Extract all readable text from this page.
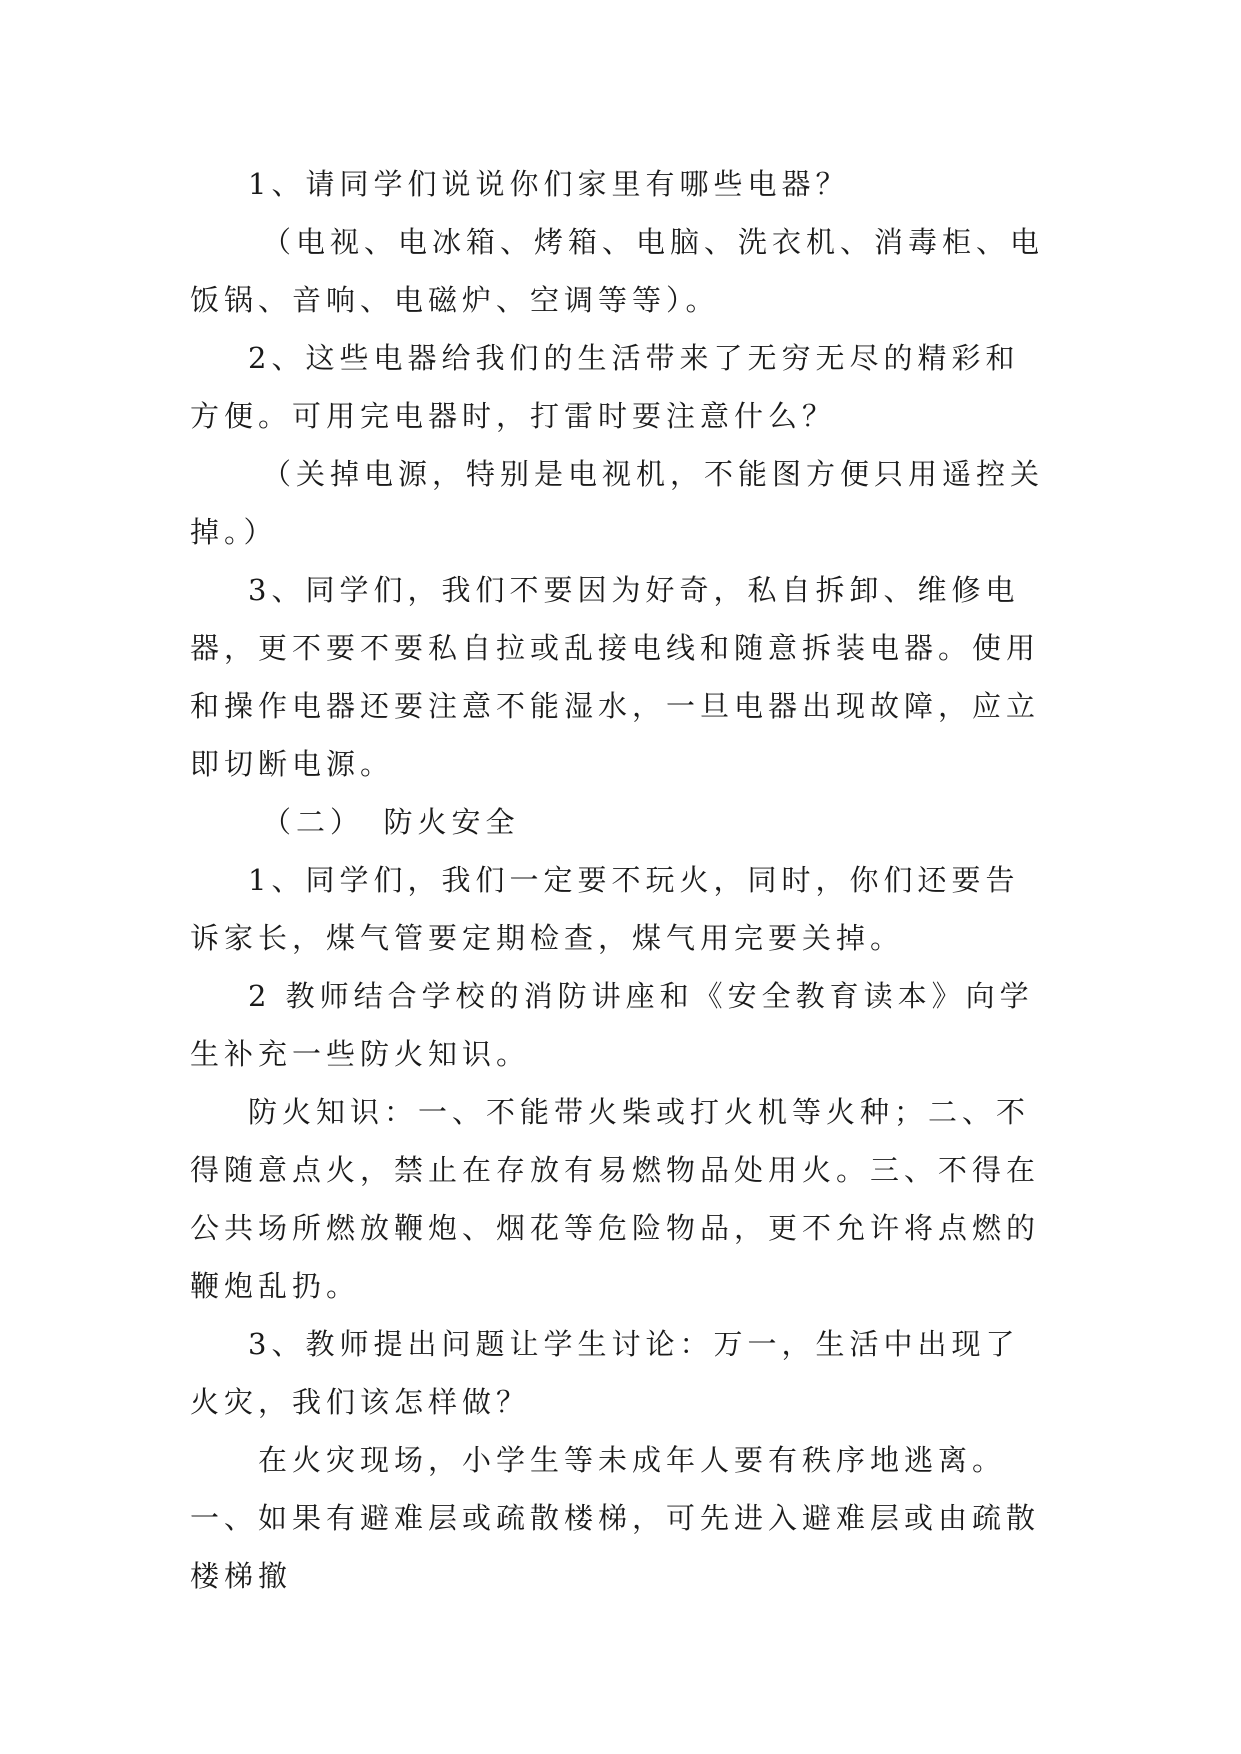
1、请同学们说说你们家里有哪些电器？

（电视、电冰箱、烤箱、电脑、洗衣机、消毒柜、电饭锅、音响、电磁炉、空调等等）。

2、这些电器给我们的生活带来了无穷无尽的精彩和方便。可用完电器时，打雷时要注意什么？

（关掉电源，特别是电视机，不能图方便只用遥控关掉。）

3、同学们，我们不要因为好奇，私自拆卸、维修电器，更不要不要私自拉或乱接电线和随意拆装电器。使用和操作电器还要注意不能湿水，一旦电器出现故障，应立即切断电源。

（二）　防火安全

1、同学们，我们一定要不玩火，同时，你们还要告诉家长，煤气管要定期检查，煤气用完要关掉。

2 教师结合学校的消防讲座和《安全教育读本》向学生补充一些防火知识。

防火知识：一、不能带火柴或打火机等火种；二、不得随意点火，禁止在存放有易燃物品处用火。三、不得在公共场所燃放鞭炮、烟花等危险物品，更不允许将点燃的鞭炮乱扔。

3、教师提出问题让学生讨论：万一，生活中出现了火灾，我们该怎样做？

在火灾现场，小学生等未成年人要有秩序地逃离。一、如果有避难层或疏散楼梯，可先进入避难层或由疏散楼梯撤
